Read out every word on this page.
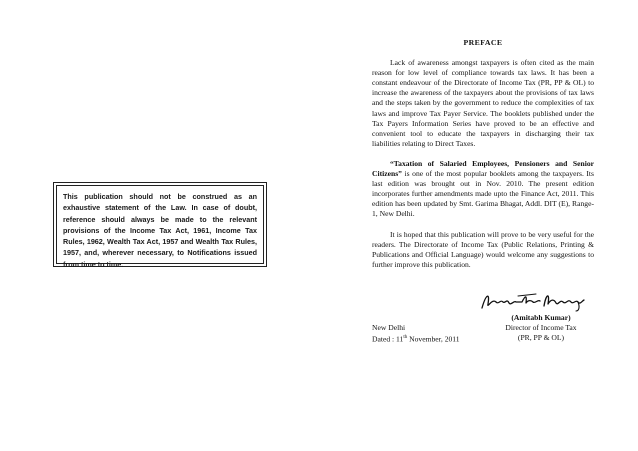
This publication should not be construed as an exhaustive statement of the Law. In case of doubt, reference should always be made to the relevant provisions of the Income Tax Act, 1961, Income Tax Rules, 1962, Wealth Tax Act, 1957 and Wealth Tax Rules, 1957, and, wherever necessary, to Notifications issued from time to time.
PREFACE

Lack of awareness amongst taxpayers is often cited as the main reason for low level of compliance towards tax laws. It has been a constant endeavour of the Directorate of Income Tax (PR, PP & OL) to increase the awareness of the taxpayers about the provisions of tax laws and the steps taken by the government to reduce the complexities of tax laws and improve Tax Payer Service. The booklets published under the Tax Payers Information Series have proved to be an effective and convenient tool to educate the taxpayers in discharging their tax liabilities relating to Direct Taxes.

“Taxation of Salaried Employees, Pensioners and Senior Citizens” is one of the most popular booklets among the taxpayers. Its last edition was brought out in Nov. 2010. The present edition incorporates further amendments made upto the Finance Act, 2011. This edition has been updated by Smt. Garima Bhagat, Addl. DIT (E), Range-1, New Delhi.

It is hoped that this publication will prove to be very useful for the readers. The Directorate of Income Tax (Public Relations, Printing & Publications and Official Language) would welcome any suggestions to further improve this publication.

(Amitabh Kumar)
New Delhi
Dated : 11th November, 2011
Director of Income Tax
(PR, PP & OL)
